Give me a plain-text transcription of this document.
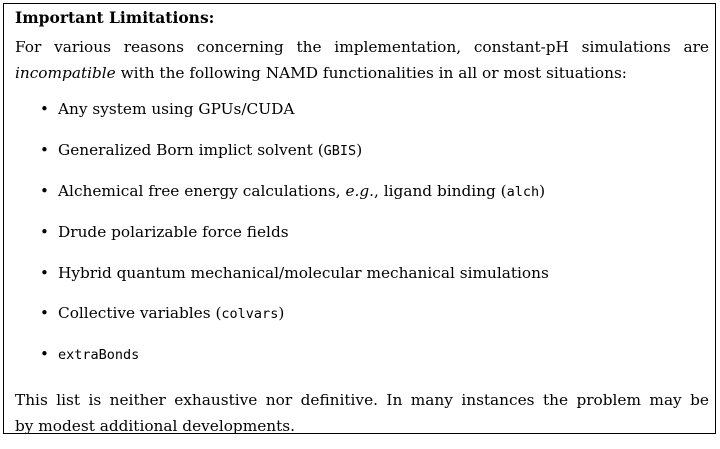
Important Limitations:
For various reasons concerning the implementation, constant-pH simulations are
incompatible with the following NAMD functionalities in all or most situations:
• Any system using GPUs/CUDA
• Generalized Born implict solvent (GBIS)
• Alchemical free energy calculations, e.g., ligand binding (alch)
• Drude polarizable force fields
• Hybrid quantum mechanical/molecular mechanical simulations
• Collective variables (colvars)
• extraBonds
This list is neither exhaustive nor definitive. In many instances the problem may be
by modest additional developments.
